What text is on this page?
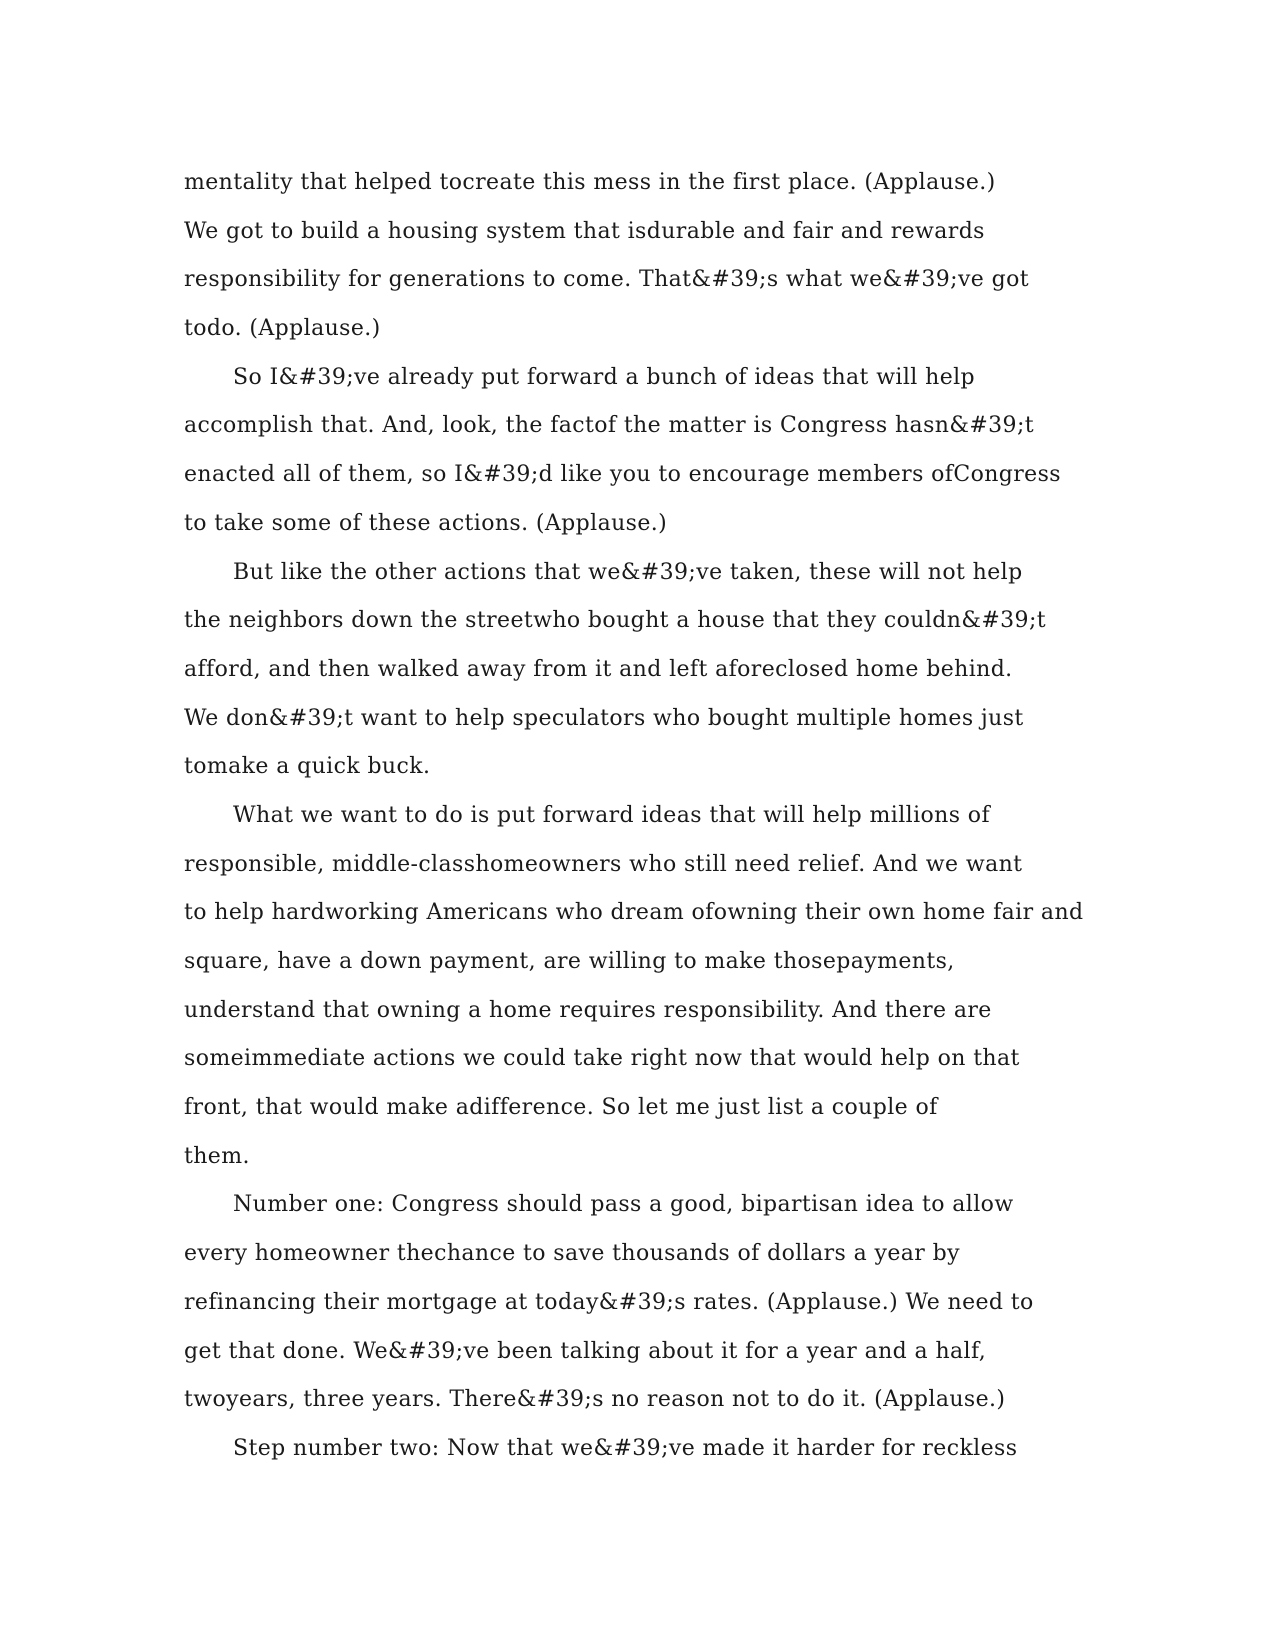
mentality that helped tocreate this mess in the first place. (Applause.)
We got to build a housing system that isdurable and fair and rewards
responsibility for generations to come. That&#39;s what we&#39;ve got
todo. (Applause.)
So I&#39;ve already put forward a bunch of ideas that will help
accomplish that. And, look, the factof the matter is Congress hasn&#39;t
enacted all of them, so I&#39;d like you to encourage members ofCongress
to take some of these actions. (Applause.)
But like the other actions that we&#39;ve taken, these will not help
the neighbors down the streetwho bought a house that they couldn&#39;t
afford, and then walked away from it and left aforeclosed home behind.
We don&#39;t want to help speculators who bought multiple homes just
tomake a quick buck.
What we want to do is put forward ideas that will help millions of
responsible, middle-classhomeowners who still need relief. And we want
to help hardworking Americans who dream ofowning their own home fair and
square, have a down payment, are willing to make thosepayments,
understand that owning a home requires responsibility. And there are
someimmediate actions we could take right now that would help on that
front, that would make adifference. So let me just list a couple of
them.
Number one: Congress should pass a good, bipartisan idea to allow
every homeowner thechance to save thousands of dollars a year by
refinancing their mortgage at today&#39;s rates. (Applause.) We need to
get that done. We&#39;ve been talking about it for a year and a half,
twoyears, three years. There&#39;s no reason not to do it. (Applause.)
Step number two: Now that we&#39;ve made it harder for reckless
